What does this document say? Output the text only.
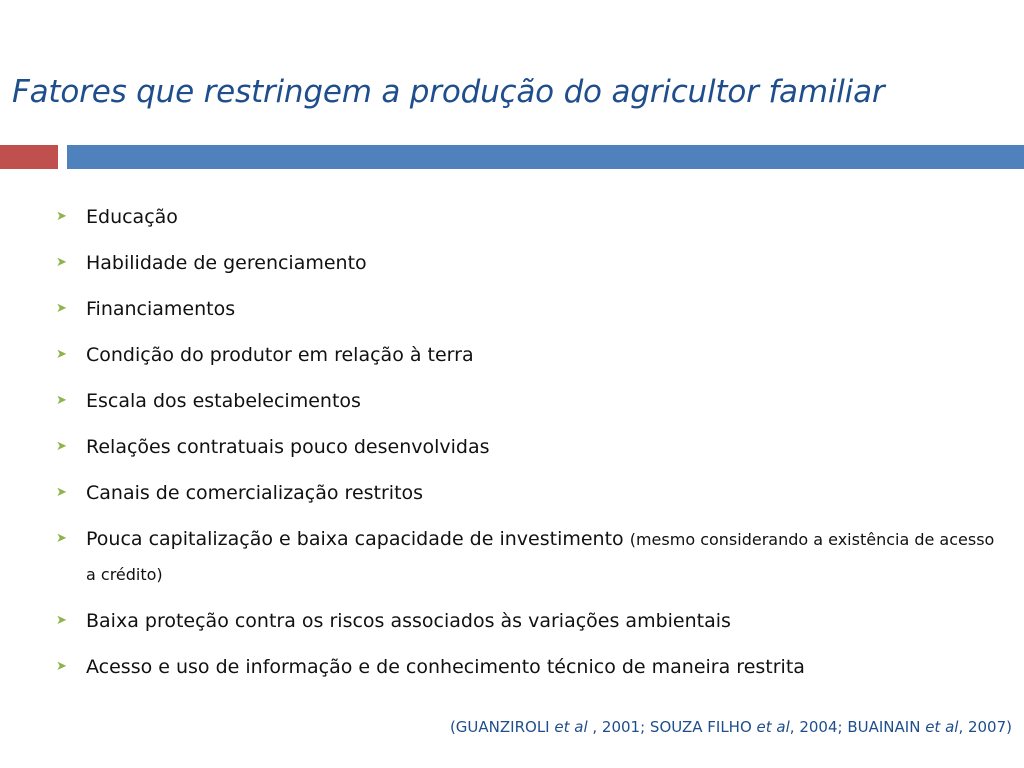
Fatores que restringem a produção do agricultor familiar
➤ Educação
➤ Habilidade de gerenciamento
➤ Financiamentos
➤ Condição do produtor em relação à terra
➤ Escala dos estabelecimentos
➤ Relações contratuais pouco desenvolvidas
➤ Canais de comercialização restritos
➤ Pouca capitalização e baixa capacidade de investimento (mesmo considerando a existência de acesso a crédito)
➤ Baixa proteção contra os riscos associados às variações ambientais
➤ Acesso e uso de informação e de conhecimento técnico de maneira restrita
(GUANZIROLI et al , 2001; SOUZA FILHO et al, 2004; BUAINAIN et al, 2007)
